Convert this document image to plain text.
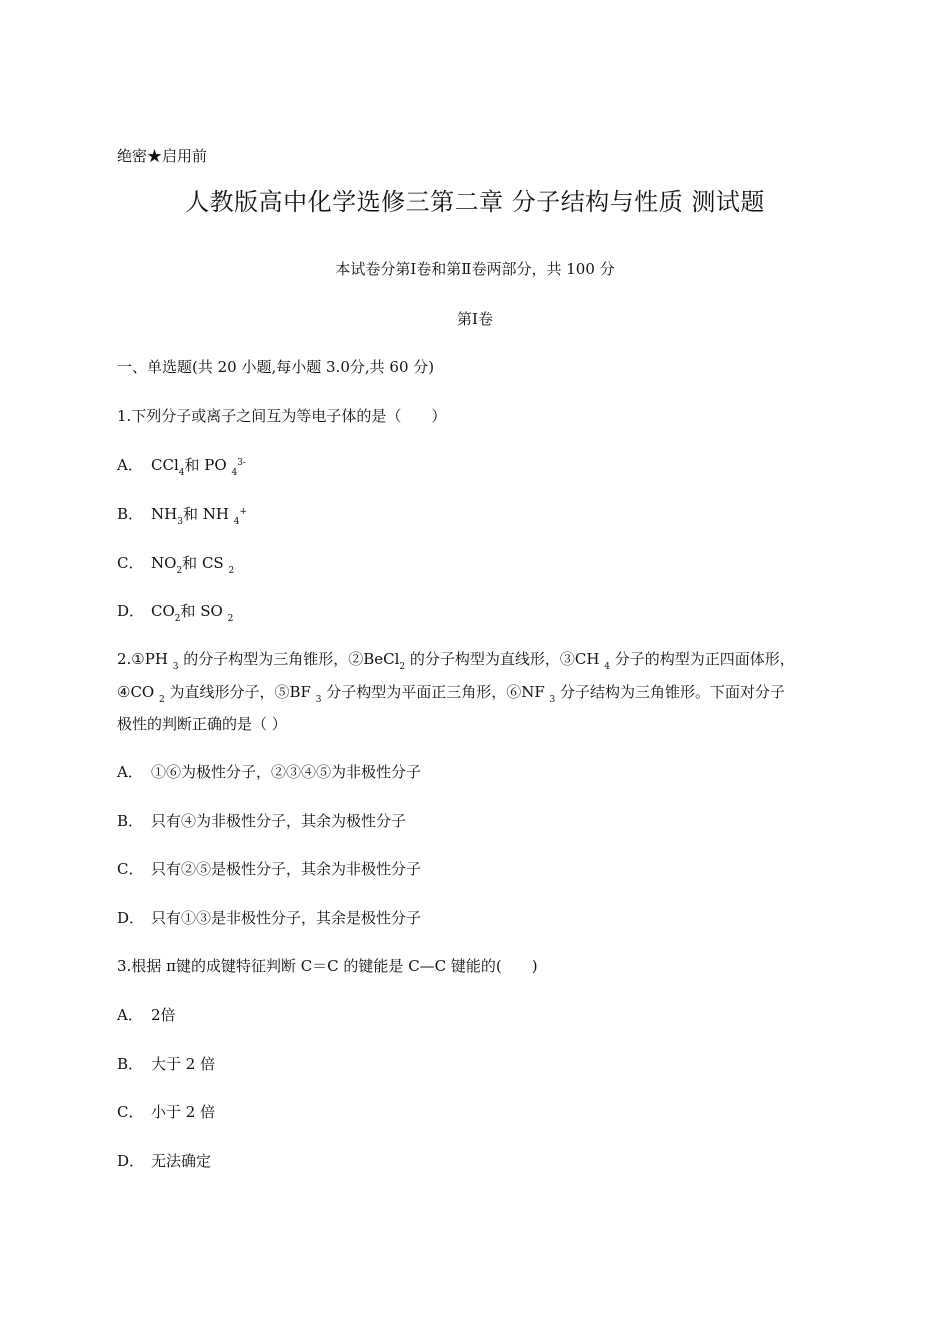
绝密★启用前
人教版高中化学选修三第二章 分子结构与性质 测试题
本试卷分第Ⅰ卷和第Ⅱ卷两部分，共 100 分
第Ⅰ卷
一、单选题(共 20 小题,每小题 3.0分,共 60 分)
1.下列分子或离子之间互为等电子体的是（　　）
A． CCl$_4$和 PO $_4^{3-}$
B． $NH_3$和 NH $_4$+
C． $NO_2$和 CS $_2$
D． $CO_2$和 SO $_2$
2.①PH $_3$ 的分子构型为三角锥形，②BeCl$_2$ 的分子构型为直线形，③CH $_4$ 分子的构型为正四面体形，
④CO $_2$ 为直线形分子，⑤BF $_3$ 分子构型为平面正三角形，⑥NF $_3$ 分子结构为三角锥形。下面对分子
极性的判断正确的是（ ）
A． ①⑥为极性分子，②③④⑤为非极性分子
B． 只有④为非极性分子，其余为极性分子
C． 只有②⑤是极性分子，其余为非极性分子
D． 只有①③是非极性分子，其余是极性分子
3.根据 π键的成键特征判断 C＝C 的键能是 C—C 键能的(　　)
A． 2倍
B． 大于 2 倍
C． 小于 2 倍
D． 无法确定
